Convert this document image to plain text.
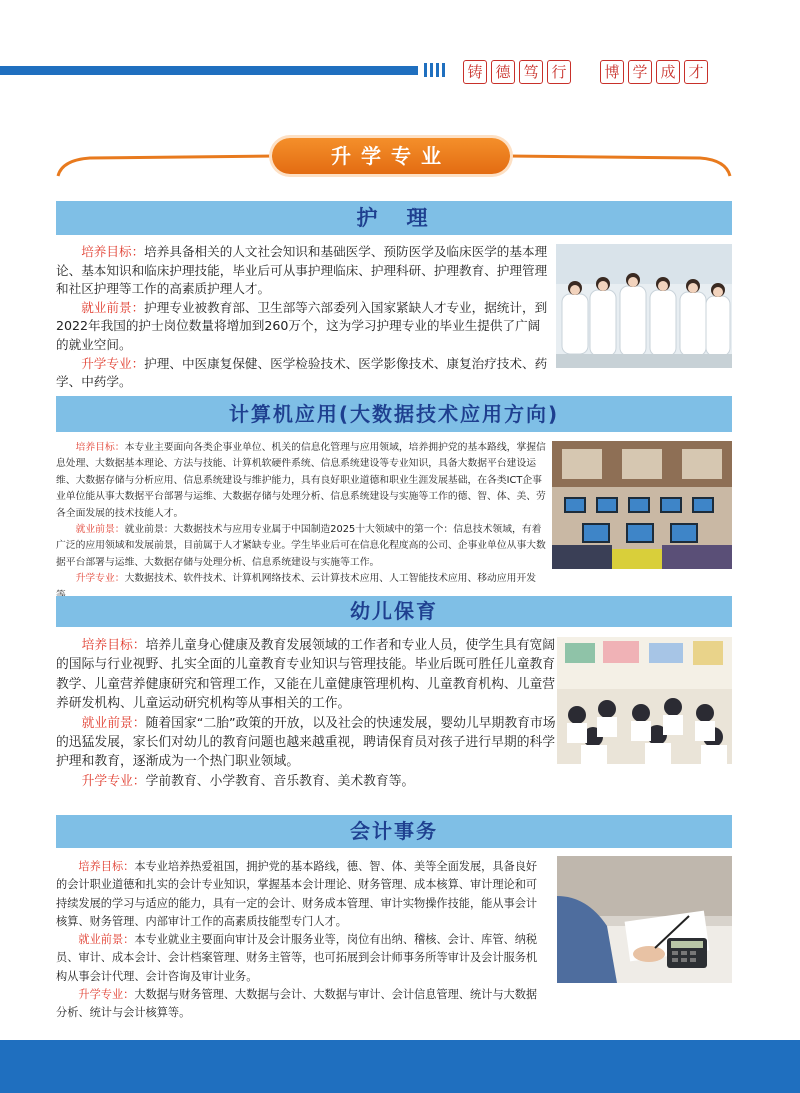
铸 德 笃 行	博 学 成 才
升学专业
护　理

培养目标：培养具备相关的人文社会知识和基础医学、预防医学及临床医学的基本理论、基本知识和临床护理技能，毕业后可从事护理临床、护理科研、护理教育、护理管理和社区护理等工作的高素质护理人才。

就业前景：护理专业被教育部、卫生部等六部委列入国家紧缺人才专业，据统计，到2022年我国的护士岗位数量将增加到260万个，这为学习护理专业的毕业生提供了广阔的就业空间。

升学专业：护理、中医康复保健、医学检验技术、医学影像技术、康复治疗技术、药学、中药学。

计算机应用(大数据技术应用方向)

培养目标：本专业主要面向各类企事业单位、机关的信息化管理与应用领域，培养拥护党的基本路线，掌握信息处理、大数据基本理论、方法与技能、计算机软硬件系统、信息系统建设等专业知识，具备大数据平台建设运维、大数据存储与分析应用、信息系统建设与维护能力，具有良好职业道德和职业生涯发展基础，在各类ICT企事业单位能从事大数据平台部署与运维、大数据存储与处理分析、信息系统建设与实施等工作的德、智、体、美、劳各全面发展的技术技能人才。

就业前景：就业前景：大数据技术与应用专业属于中国制造2025十大领域中的第一个：信息技术领域，有着广泛的应用领域和发展前景，目前属于人才紧缺专业。学生毕业后可在信息化程度高的公司、企事业单位从事大数据平台部署与运维、大数据存储与处理分析、信息系统建设与实施等工作。

升学专业：大数据技术、软件技术、计算机网络技术、云计算技术应用、人工智能技术应用、移动应用开发

幼儿保育

培养目标：培养儿童身心健康及教育发展领域的工作者和专业人员，使学生具有宽阔的国际与行业视野、扎实全面的儿童教育专业知识与管理技能。毕业后既可胜任儿童教育教学、儿童营养健康研究和管理工作，又能在儿童健康管理机构、儿童教育机构、儿童营养研发机构、儿童运动研究机构等从事相关的工作。

就业前景：随着国家“二胎”政策的开放，以及社会的快速发展，婴幼儿早期教育市场的迅猛发展，家长们对幼儿的教育问题也越来越重视，聘请保育员对孩子进行早期的科学护理和教育，逐渐成为一个热门职业领域。

升学专业：学前教育、小学教育、音乐教育、美术教育等。

会计事务

培养目标：本专业培养热爱祖国，拥护党的基本路线，德、智、体、美等全面发展，具备良好的会计职业道德和扎实的会计专业知识，掌握基本会计理论、财务管理、成本核算、审计理论和可持续发展的学习与适应的能力，具有一定的会计、财务成本管理、审计实物操作技能，能从事会计核算、财务管理、内部审计工作的高素质技能型专门人才。

就业前景：本专业就业主要面向审计及会计服务业等，岗位有出纳、稽核、会计、库管、纳税员、审计、成本会计、会计档案管理、财务主管等，也可拓展到会计师事务所等审计及会计服务机构从事会计代理、会计咨询及审计业务。

升学专业：大数据与财务管理、大数据与会计、大数据与审计、会计信息管理、统计与大数据分析、统计与会计核算等。
